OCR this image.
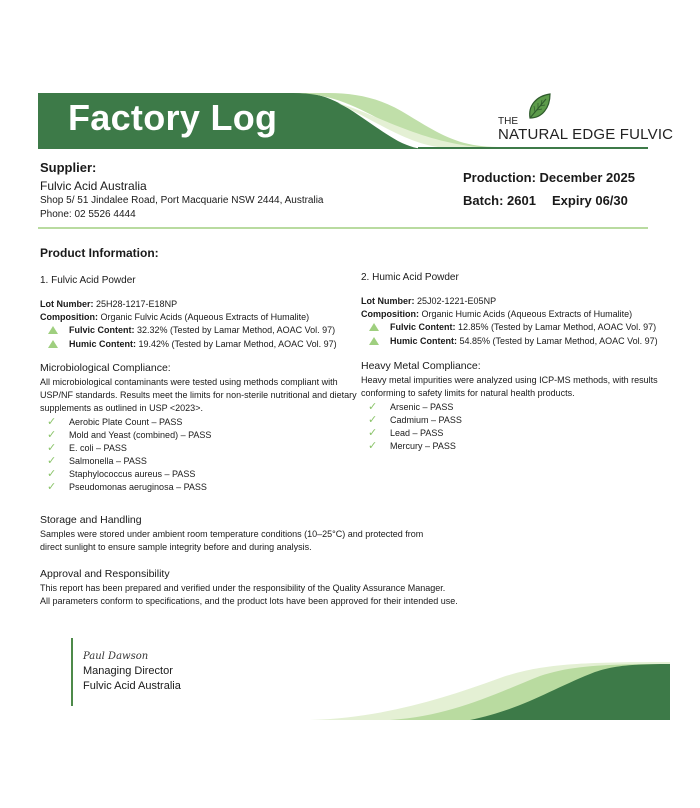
Factory Log	THE
NATURAL EDGE FULVIC
Supplier:
Fulvic Acid Australia
Shop 5/ 51 Jindalee Road, Port Macquarie NSW 2444, Australia
Phone: 02 5526 4444
Production: December 2025
Batch: 2601 Expiry 06/30
Product Information:
1. Fulvic Acid Powder
Lot Number: 25H28-1217-E18NP
Composition: Organic Fulvic Acids (Aqueous Extracts of Humalite)
Fulvic Content: 32.32% (Tested by Lamar Method, AOAC Vol. 97)
Humic Content: 19.42% (Tested by Lamar Method, AOAC Vol. 97)
2. Humic Acid Powder
Lot Number: 25J02-1221-E05NP
Composition: Organic Humic Acids (Aqueous Extracts of Humalite)
Fulvic Content: 12.85% (Tested by Lamar Method, AOAC Vol. 97)
Humic Content: 54.85% (Tested by Lamar Method, AOAC Vol. 97)
Microbiological Compliance:
All microbiological contaminants were tested using methods compliant with
USP/NF standards. Results meet the limits for non-sterile nutritional and dietary
supplements as outlined in USP <2023>.
✓ Aerobic Plate Count – PASS
✓ Mold and Yeast (combined) – PASS
✓ E. coli – PASS
✓ Salmonella – PASS
✓ Staphylococcus aureus – PASS
✓ Pseudomonas aeruginosa – PASS
Heavy Metal Compliance:
Heavy metal impurities were analyzed using ICP-MS methods, with results
conforming to safety limits for natural health products.
✓ Arsenic – PASS
✓ Cadmium – PASS
✓ Lead – PASS
✓ Mercury – PASS
Storage and Handling
Samples were stored under ambient room temperature conditions (10–25°C) and protected from
direct sunlight to ensure sample integrity before and during analysis.
Approval and Responsibility
This report has been prepared and verified under the responsibility of the Quality Assurance Manager.
All parameters conform to specifications, and the product lots have been approved for their intended use.
Paul Dawson
Managing Director
Fulvic Acid Australia
